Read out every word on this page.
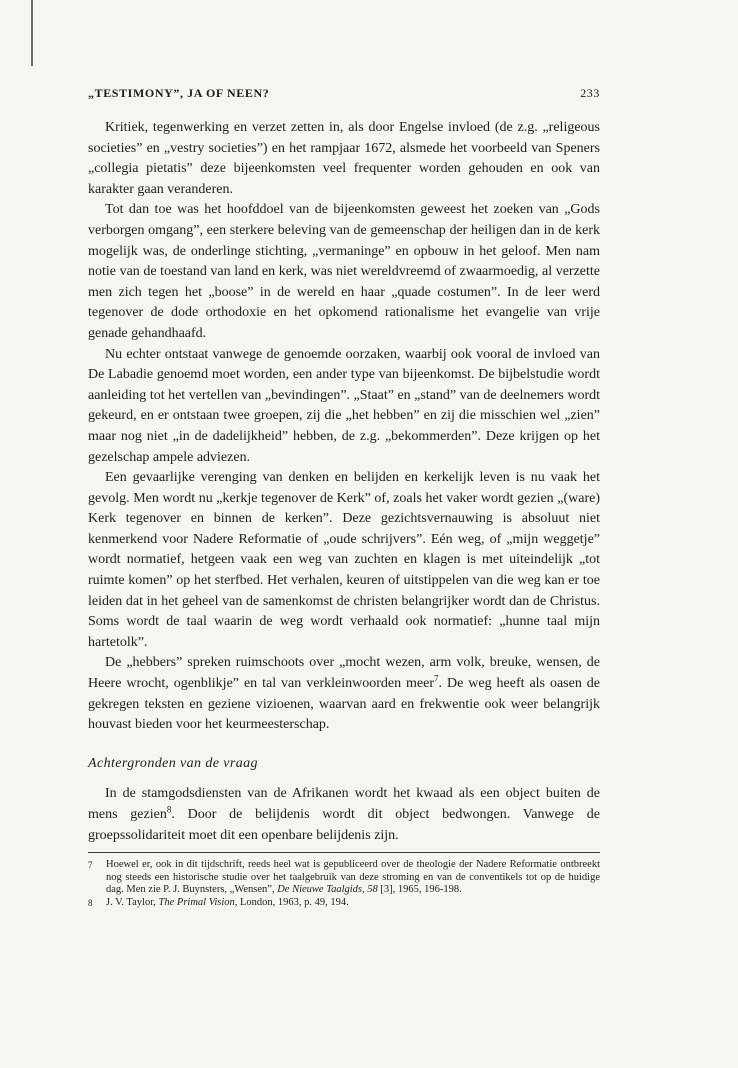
„TESTIMONY”, JA OF NEEN?	233

Kritiek, tegenwerking en verzet zetten in, als door Engelse invloed (de z.g. „religeous societies” en „vestry societies”) en het rampjaar 1672, alsmede het voorbeeld van Speners „collegia pietatis” deze bijeenkomsten veel frequenter worden gehouden en ook van karakter gaan veranderen.

Tot dan toe was het hoofddoel van de bijeenkomsten geweest het zoeken van „Gods verborgen omgang”, een sterkere beleving van de gemeenschap der heiligen dan in de kerk mogelijk was, de onderlinge stichting, „vermaninge” en opbouw in het geloof. Men nam notie van de toestand van land en kerk, was niet wereldvreemd of zwaarmoedig, al verzette men zich tegen het „boose” in de wereld en haar „quade costumen”. In de leer werd tegenover de dode orthodoxie en het opkomend rationalisme het evangelie van vrije genade gehandhaafd.

Nu echter ontstaat vanwege de genoemde oorzaken, waarbij ook vooral de invloed van De Labadie genoemd moet worden, een ander type van bijeenkomst. De bijbelstudie wordt aanleiding tot het vertellen van „bevindingen”. „Staat” en „stand” van de deelnemers wordt gekeurd, en er ontstaan twee groepen, zij die „het hebben” en zij die misschien wel „zien” maar nog niet „in de dadelijkheid” hebben, de z.g. „bekommerden”. Deze krijgen op het gezelschap ampele adviezen.

Een gevaarlijke verenging van denken en belijden en kerkelijk leven is nu vaak het gevolg. Men wordt nu „kerkje tegenover de Kerk” of, zoals het vaker wordt gezien „(ware) Kerk tegenover en binnen de kerken”. Deze gezichtsvernauwing is absoluut niet kenmerkend voor Nadere Reformatie of „oude schrijvers”. Eén weg, of „mijn weggetje” wordt normatief, hetgeen vaak een weg van zuchten en klagen is met uiteindelijk „tot ruimte komen” op het sterfbed. Het verhalen, keuren of uitstippelen van die weg kan er toe leiden dat in het geheel van de samenkomst de christen belangrijker wordt dan de Christus. Soms wordt de taal waarin de weg wordt verhaald ook normatief: „hunne taal mijn hartetolk”.

De „hebbers” spreken ruimschoots over „mocht wezen, arm volk, breuke, wensen, de Heere wrocht, ogenblikje” en tal van verkleinwoorden meer$^7$. De weg heeft als oasen de gekregen teksten en geziene vizioenen, waarvan aard en frekwentie ook weer belangrijk houvast bieden voor het keurmeesterschap.

Achtergronden van de vraag

In de stamgodsdiensten van de Afrikanen wordt het kwaad als een object buiten de mens gezien$^8$. Door de belijdenis wordt dit object bedwongen. Vanwege de groepssolidariteit moet dit een openbare belijdenis zijn.

7	Hoewel er, ook in dit tijdschrift, reeds heel wat is gepubliceerd over de theologie der Nadere Reformatie ontbreekt nog steeds een historische studie over het taalgebruik van deze stroming en van de conventikels tot op de huidige dag. Men zie P. J. Buynsters, „Wensen”, De Nieuwe Taalgids, 58 [3], 1965, 196-198.
8	J. V. Taylor, The Primal Vision, London, 1963, p. 49, 194.
